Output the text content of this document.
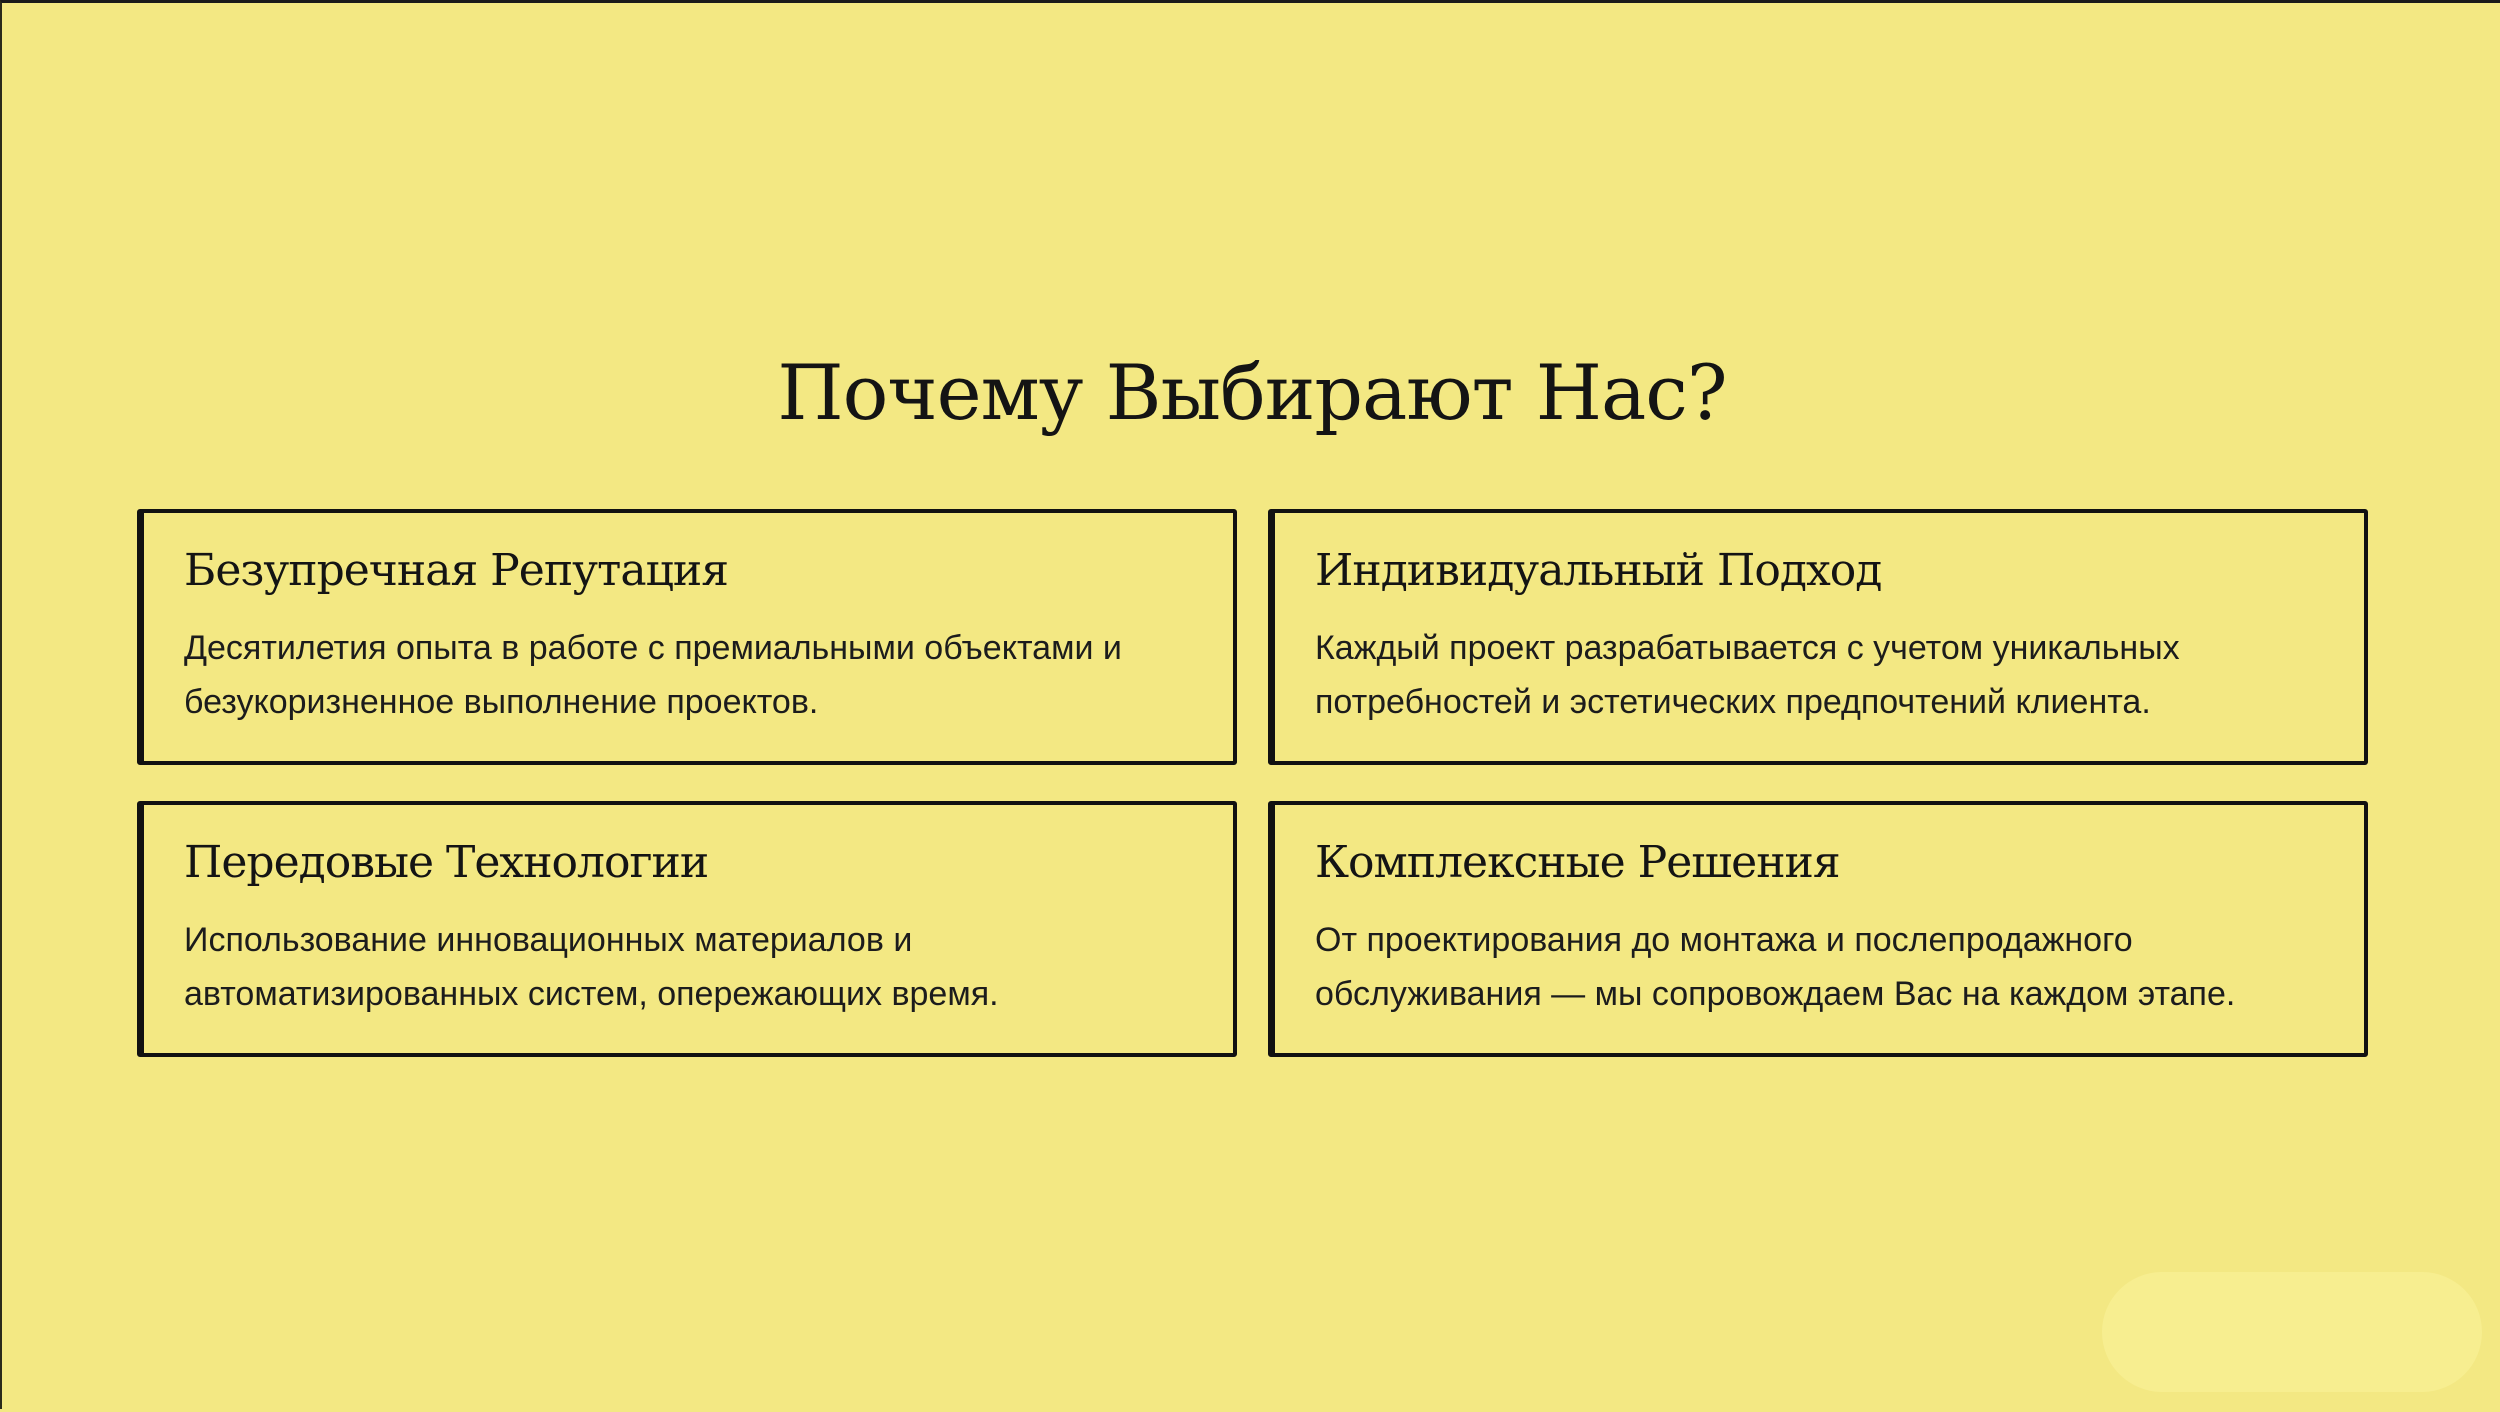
Почему Выбирают Нас?
Безупречная Репутация

Десятилетия опыта в работе с премиальными объектами и безукоризненное выполнение проектов.

Индивидуальный Подход

Каждый проект разрабатывается с учетом уникальных потребностей и эстетических предпочтений клиента.

Передовые Технологии

Использование инновационных материалов и автоматизированных систем, опережающих время.

Комплексные Решения

От проектирования до монтажа и послепродажного обслуживания — мы сопровождаем Вас на каждом этапе.
